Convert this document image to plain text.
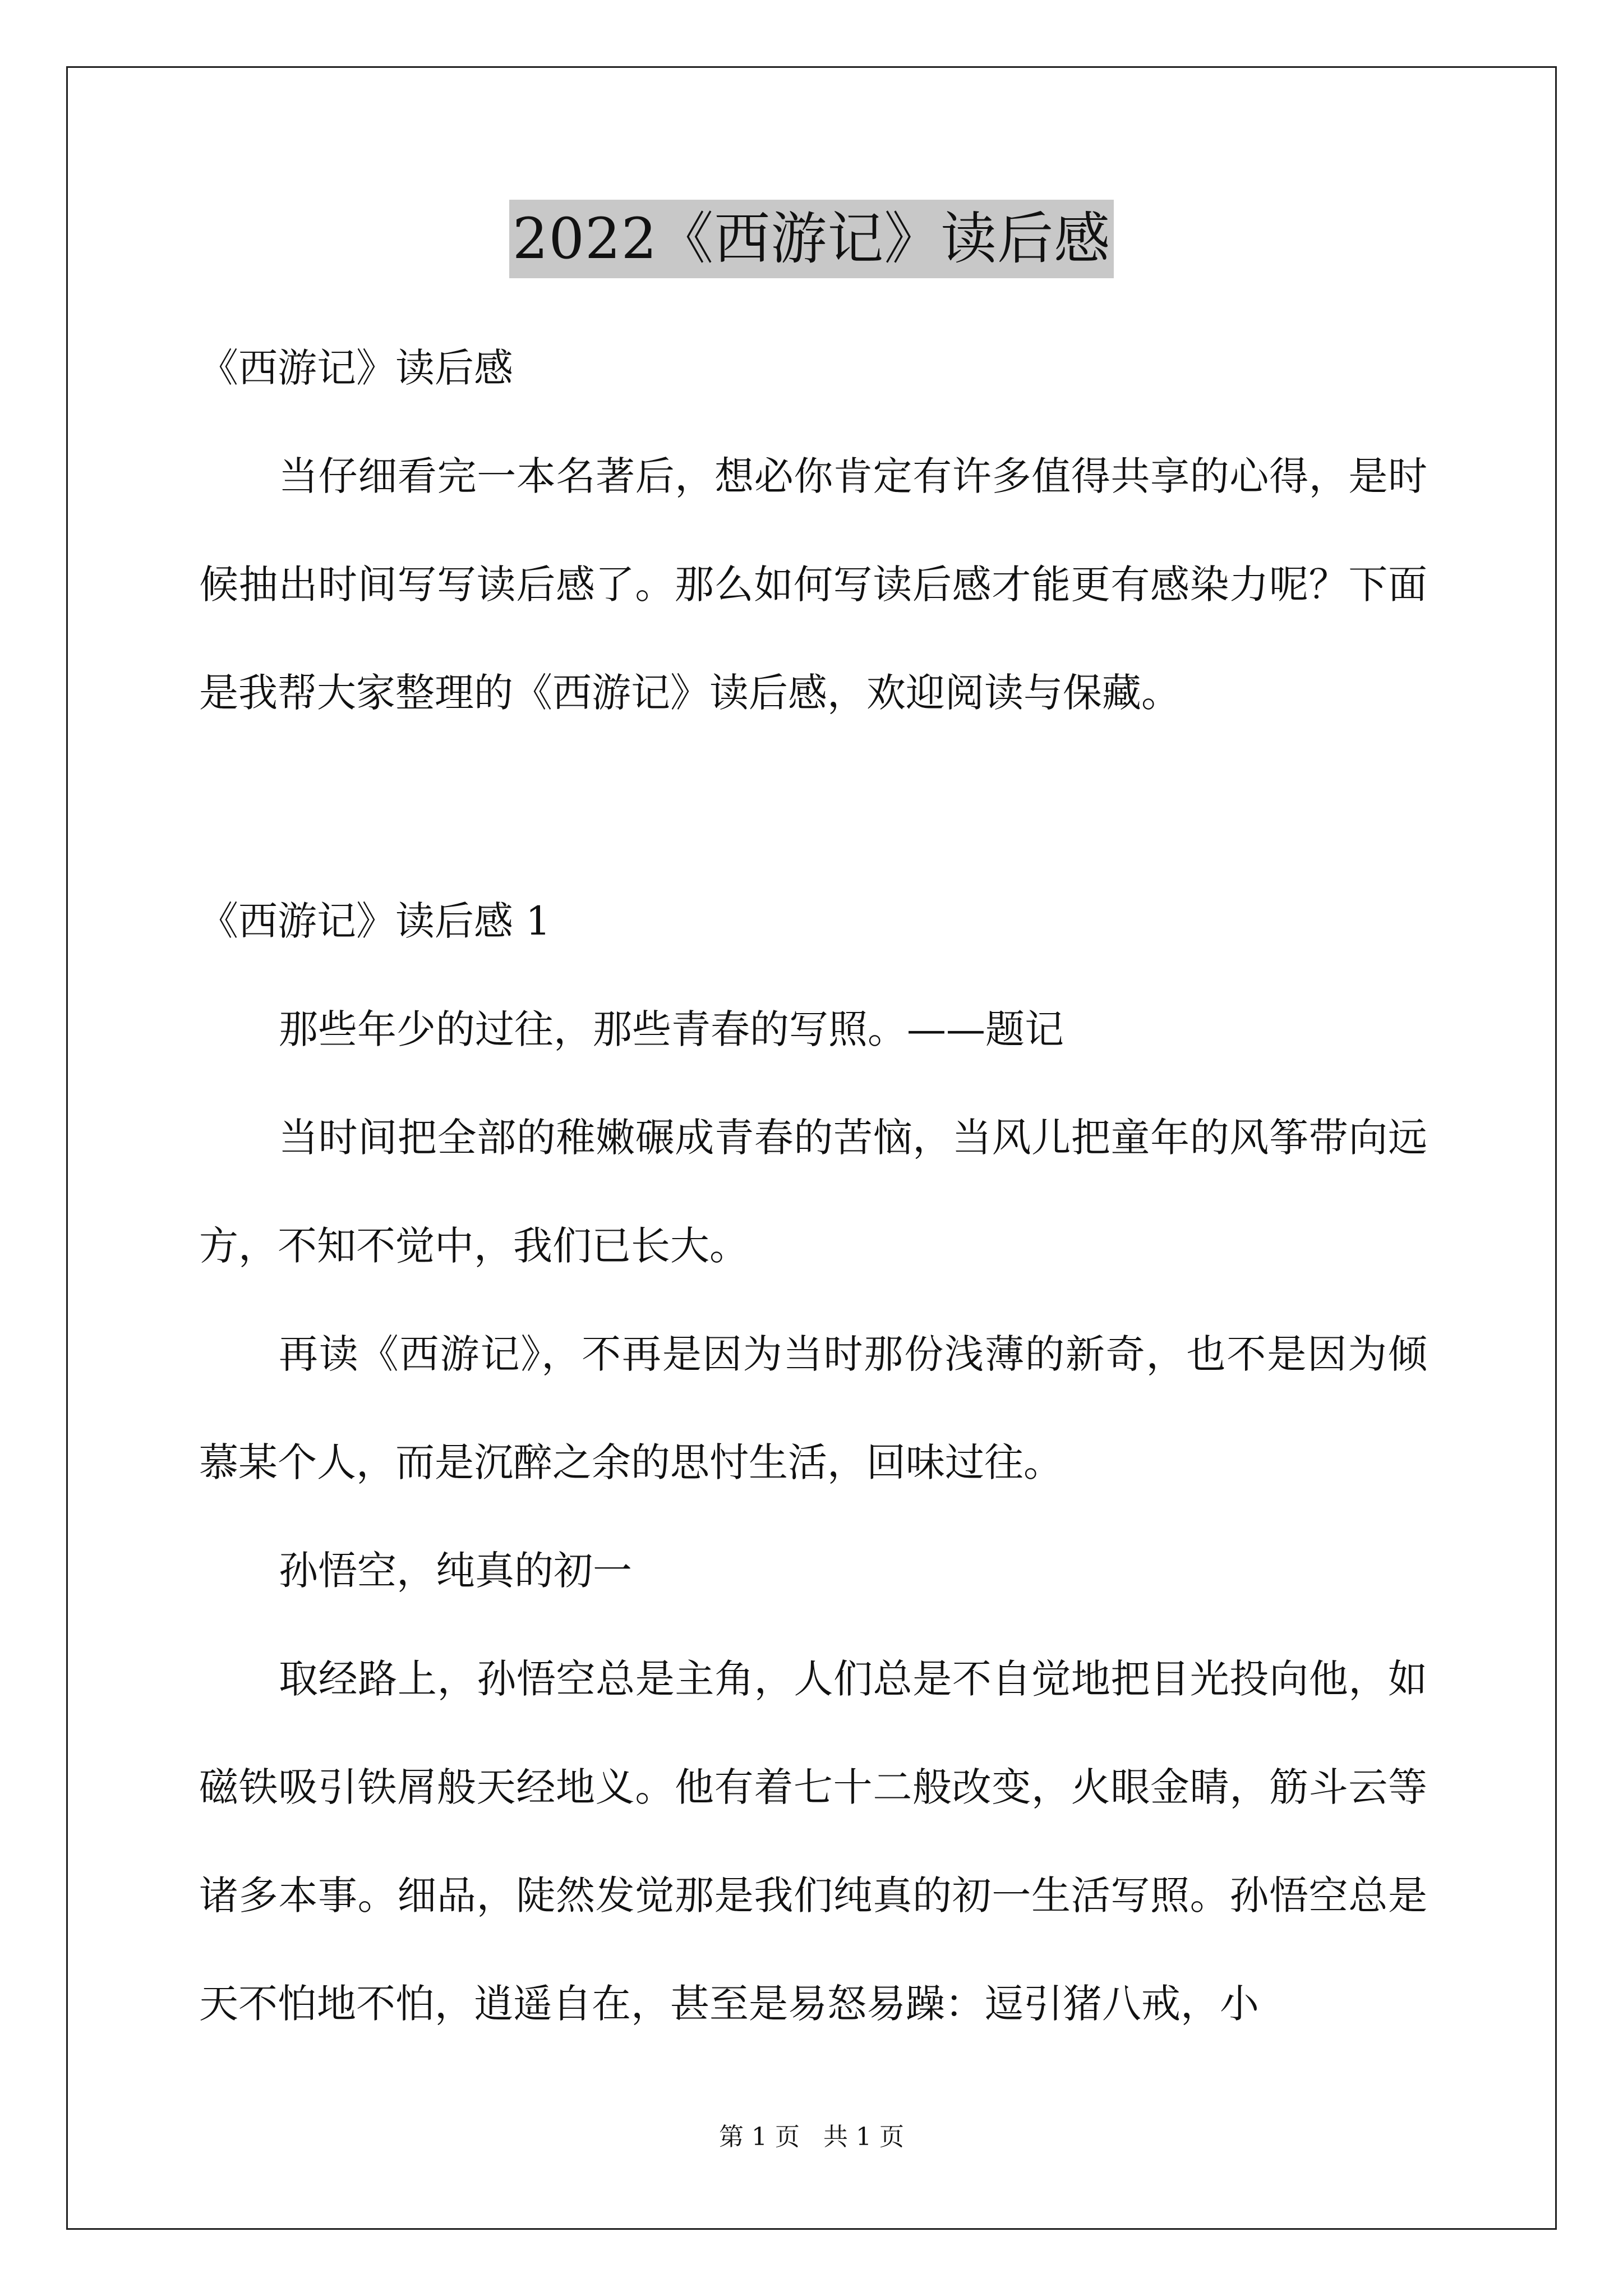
2022《西游记》读后感

《西游记》读后感

当仔细看完一本名著后，想必你肯定有许多值得共享的心得，是时候抽出时间写写读后感了。那么如何写读后感才能更有感染力呢？下面是我帮大家整理的《西游记》读后感，欢迎阅读与保藏。

《西游记》读后感 1

那些年少的过往，那些青春的写照。——题记

当时间把全部的稚嫩碾成青春的苦恼，当风儿把童年的风筝带向远方，不知不觉中，我们已长大。

再读《西游记》，不再是因为当时那份浅薄的新奇，也不是因为倾慕某个人，而是沉醉之余的思忖生活，回味过往。

孙悟空，纯真的初一

取经路上，孙悟空总是主角，人们总是不自觉地把目光投向他，如磁铁吸引铁屑般天经地义。他有着七十二般改变，火眼金睛，筋斗云等诸多本事。细品，陡然发觉那是我们纯真的初一生活写照。孙悟空总是天不怕地不怕，逍遥自在，甚至是易怒易躁：逗引猪八戒，小

第 1 页 共 1 页
